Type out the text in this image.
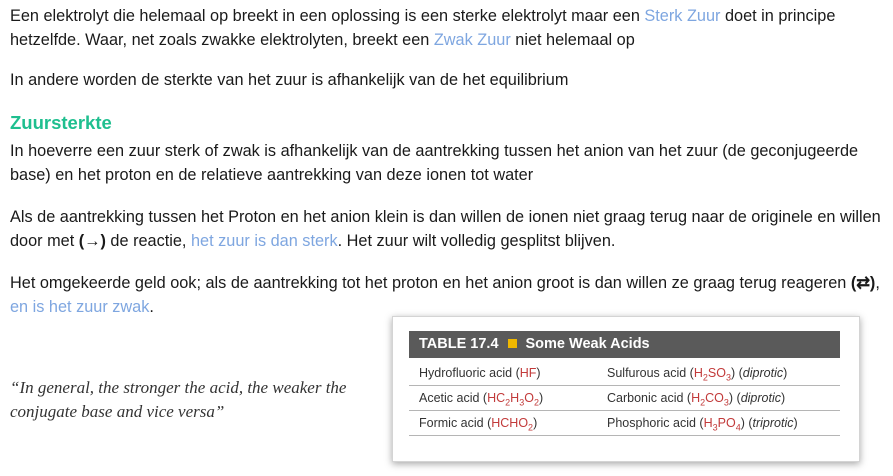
Een elektrolyt die helemaal op breekt in een oplossing is een sterke elektrolyt maar een Sterk Zuur doet in principe hetzelfde. Waar, net zoals zwakke elektrolyten, breekt een Zwak Zuur niet helemaal op

In andere worden de sterkte van het zuur is afhankelijk van de het equilibrium

Zuursterkte

In hoeverre een zuur sterk of zwak is afhankelijk van de aantrekking tussen het anion van het zuur (de geconjugeerde base) en het proton en de relatieve aantrekking van deze ionen tot water

Als de aantrekking tussen het Proton en het anion klein is dan willen de ionen niet graag terug naar de originele en willen door met (→) de reactie, het zuur is dan sterk. Het zuur wilt volledig gesplitst blijven.

Het omgekeerde geld ook; als de aantrekking tot het proton en het anion groot is dan willen ze graag terug reageren (⇄), en is het zuur zwak.

“In general, the stronger the acid, the weaker the conjugate base and vice versa”
TABLE 17.4 Some Weak Acids
Hydrofluoric acid (HF)	Sulfurous acid $(H_2SO_3)$ (diprotic)
Acetic acid $(HC_2H_3O_2)$	Carbonic acid $(H_2CO_3)$ (diprotic)
Formic acid $(HCHO_2)$	Phosphoric acid $(H_3PO_4)$ (triprotic)
